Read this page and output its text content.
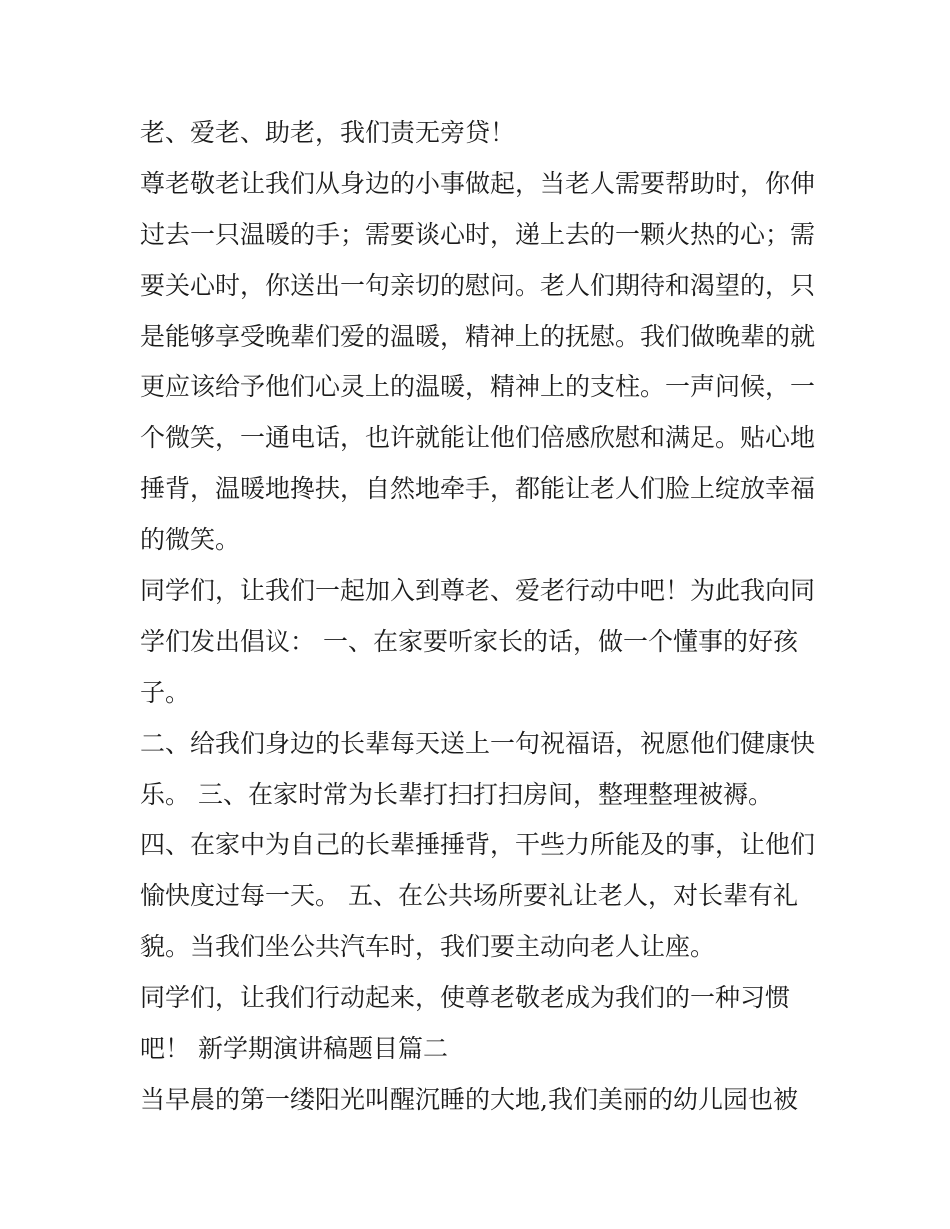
老、爱老、助老，我们责无旁贷！
尊老敬老让我们从身边的小事做起，当老人需要帮助时，你伸
过去一只温暖的手；需要谈心时，递上去的一颗火热的心；需
要关心时，你送出一句亲切的慰问。老人们期待和渴望的，只
是能够享受晚辈们爱的温暖，精神上的抚慰。我们做晚辈的就
更应该给予他们心灵上的温暖，精神上的支柱。一声问候，一
个微笑，一通电话，也许就能让他们倍感欣慰和满足。贴心地
捶背，温暖地搀扶，自然地牵手，都能让老人们脸上绽放幸福
的微笑。
同学们，让我们一起加入到尊老、爱老行动中吧！为此我向同
学们发出倡议： 一、在家要听家长的话，做一个懂事的好孩
子。
二、给我们身边的长辈每天送上一句祝福语，祝愿他们健康快
乐。 三、在家时常为长辈打扫打扫房间，整理整理被褥。
四、在家中为自己的长辈捶捶背，干些力所能及的事，让他们
愉快度过每一天。 五、在公共场所要礼让老人，对长辈有礼
貌。当我们坐公共汽车时，我们要主动向老人让座。
同学们，让我们行动起来，使尊老敬老成为我们的一种习惯
吧！ 新学期演讲稿题目篇二
当早晨的第一缕阳光叫醒沉睡的大地,我们美丽的幼儿园也被
